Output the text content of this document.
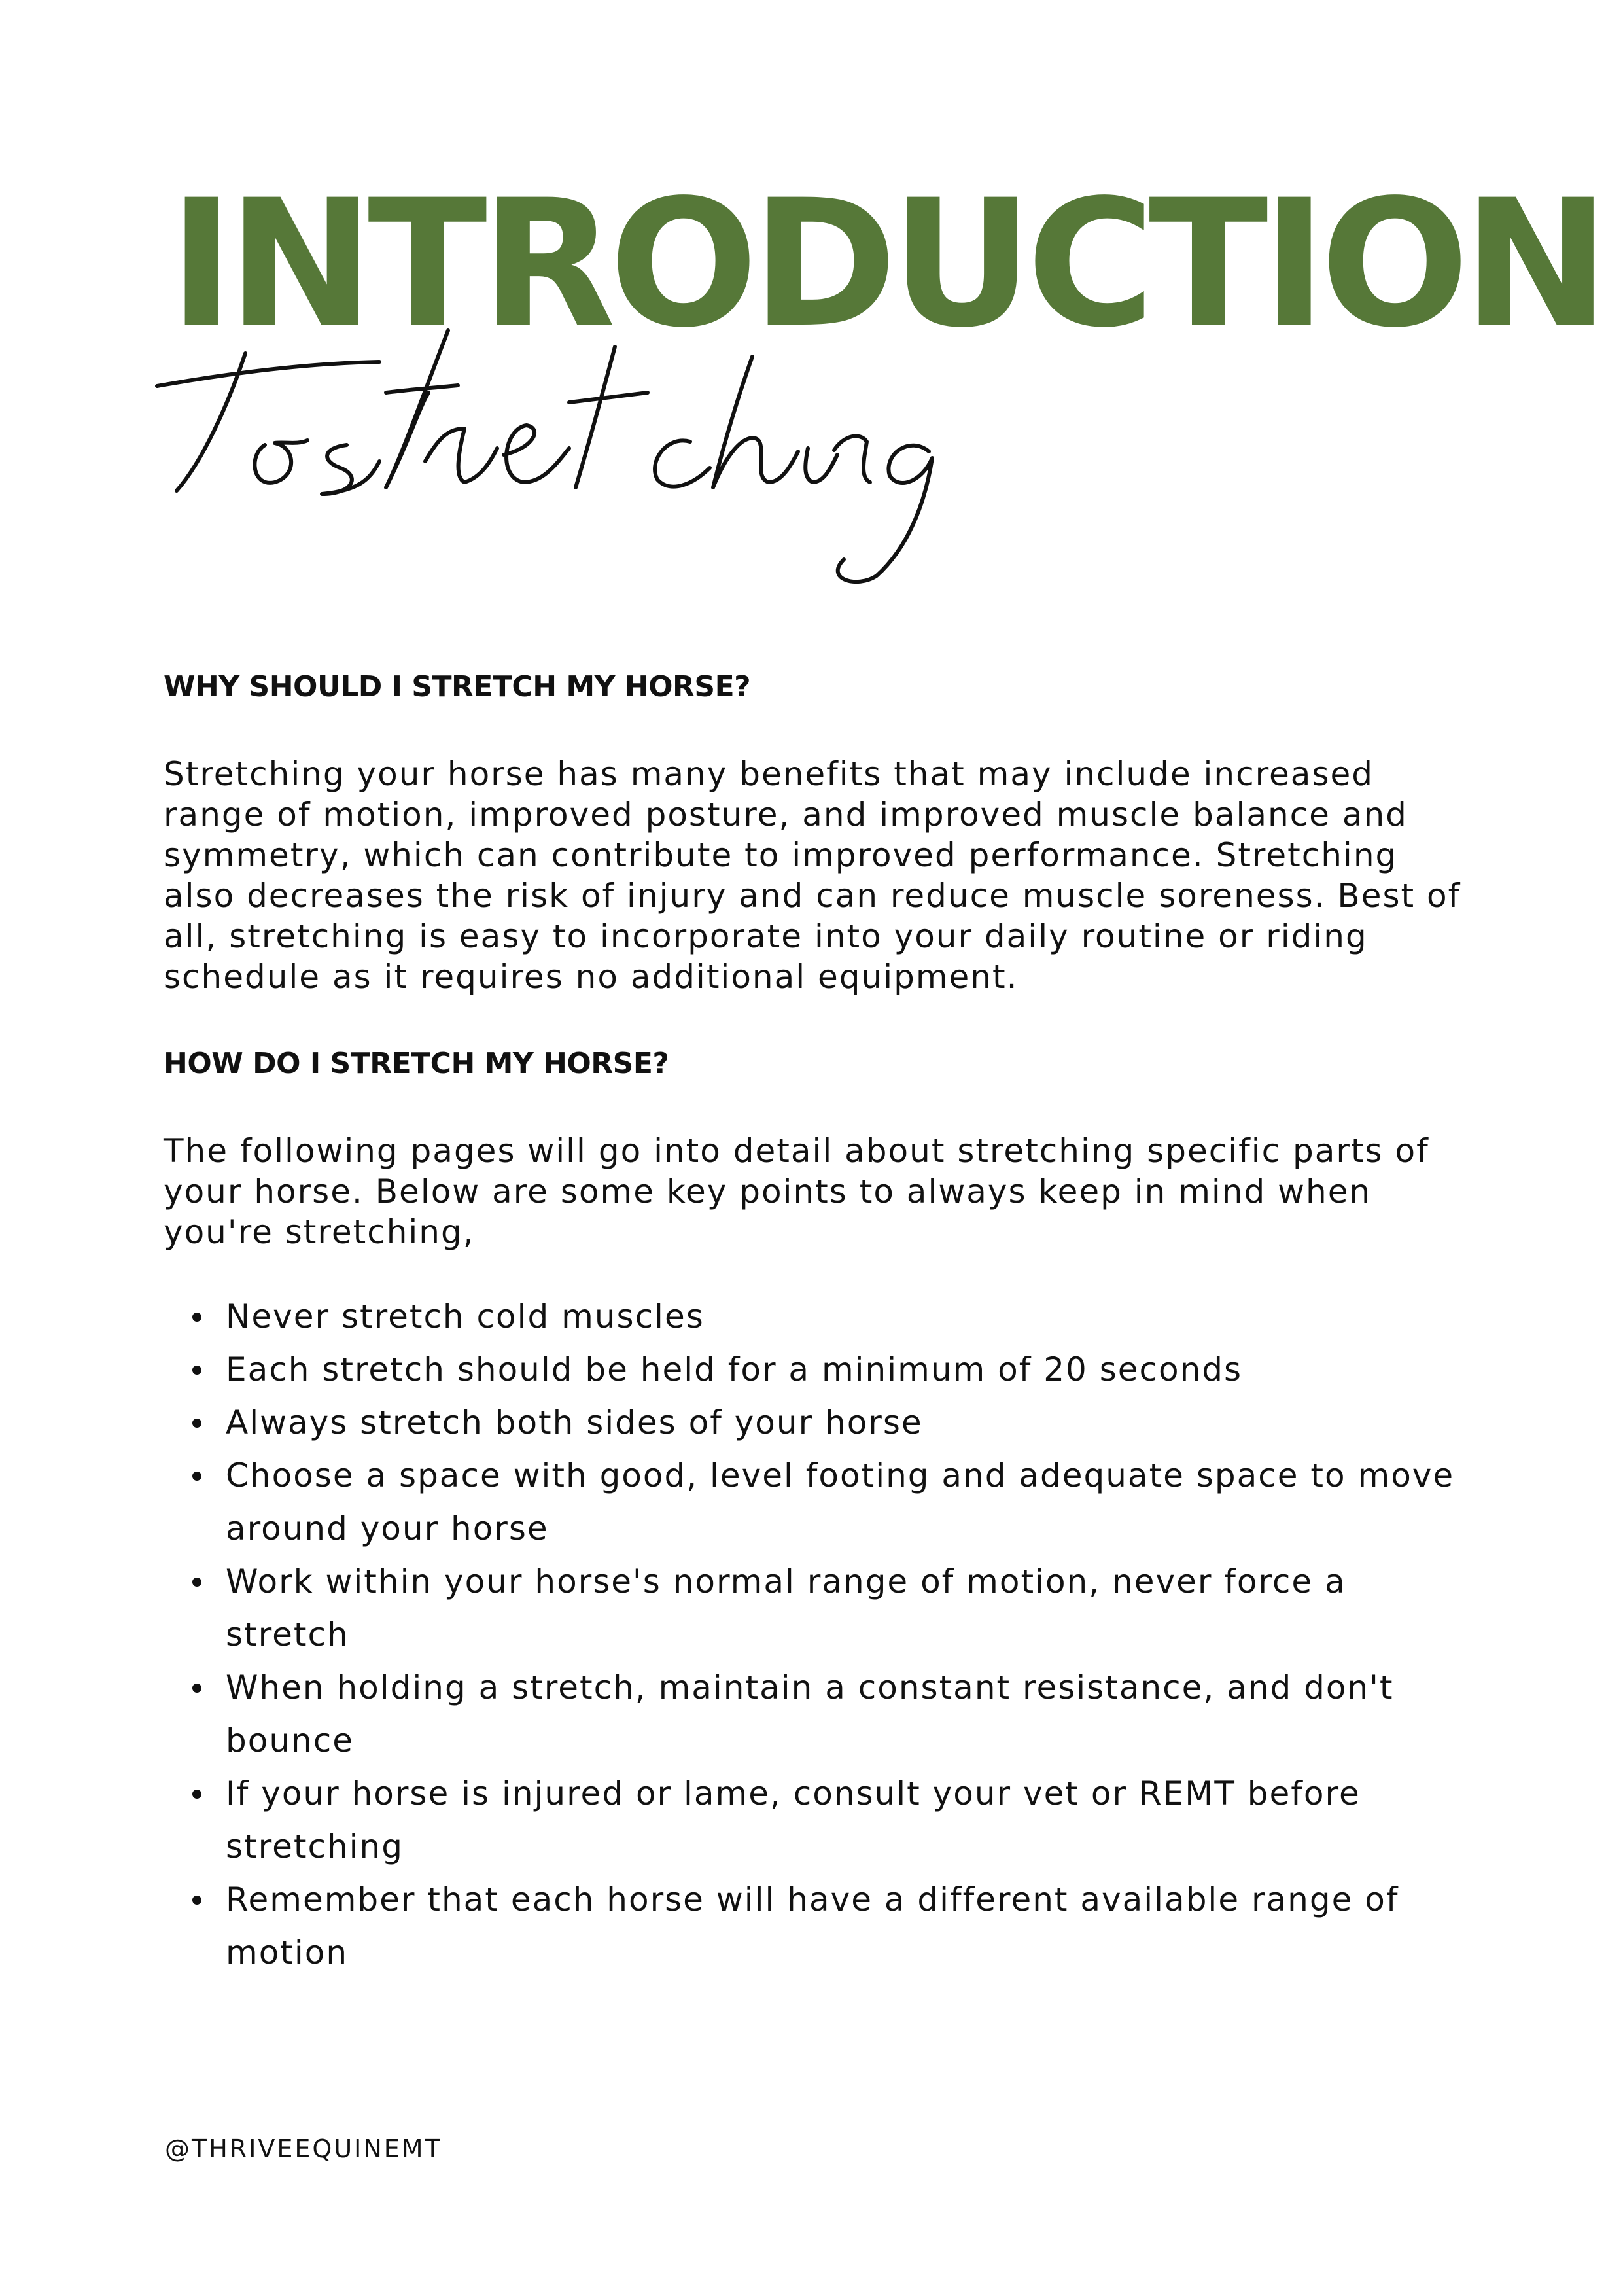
INTRODUCTION
WHY SHOULD I STRETCH MY HORSE?

Stretching your horse has many benefits that may include increased range of motion, improved posture, and improved muscle balance and symmetry, which can contribute to improved performance. Stretching also decreases the risk of injury and can reduce muscle soreness. Best of all, stretching is easy to incorporate into your daily routine or riding schedule as it requires no additional equipment.

HOW DO I STRETCH MY HORSE?

The following pages will go into detail about stretching specific parts of your horse. Below are some key points to always keep in mind when you're stretching,

Never stretch cold muscles
Each stretch should be held for a minimum of 20 seconds
Always stretch both sides of your horse
Choose a space with good, level footing and adequate space to move around your horse
Work within your horse's normal range of motion, never force a stretch
When holding a stretch, maintain a constant resistance, and don't bounce
If your horse is injured or lame, consult your vet or REMT before stretching
Remember that each horse will have a different available range of motion
@THRIVEEQUINEMT
